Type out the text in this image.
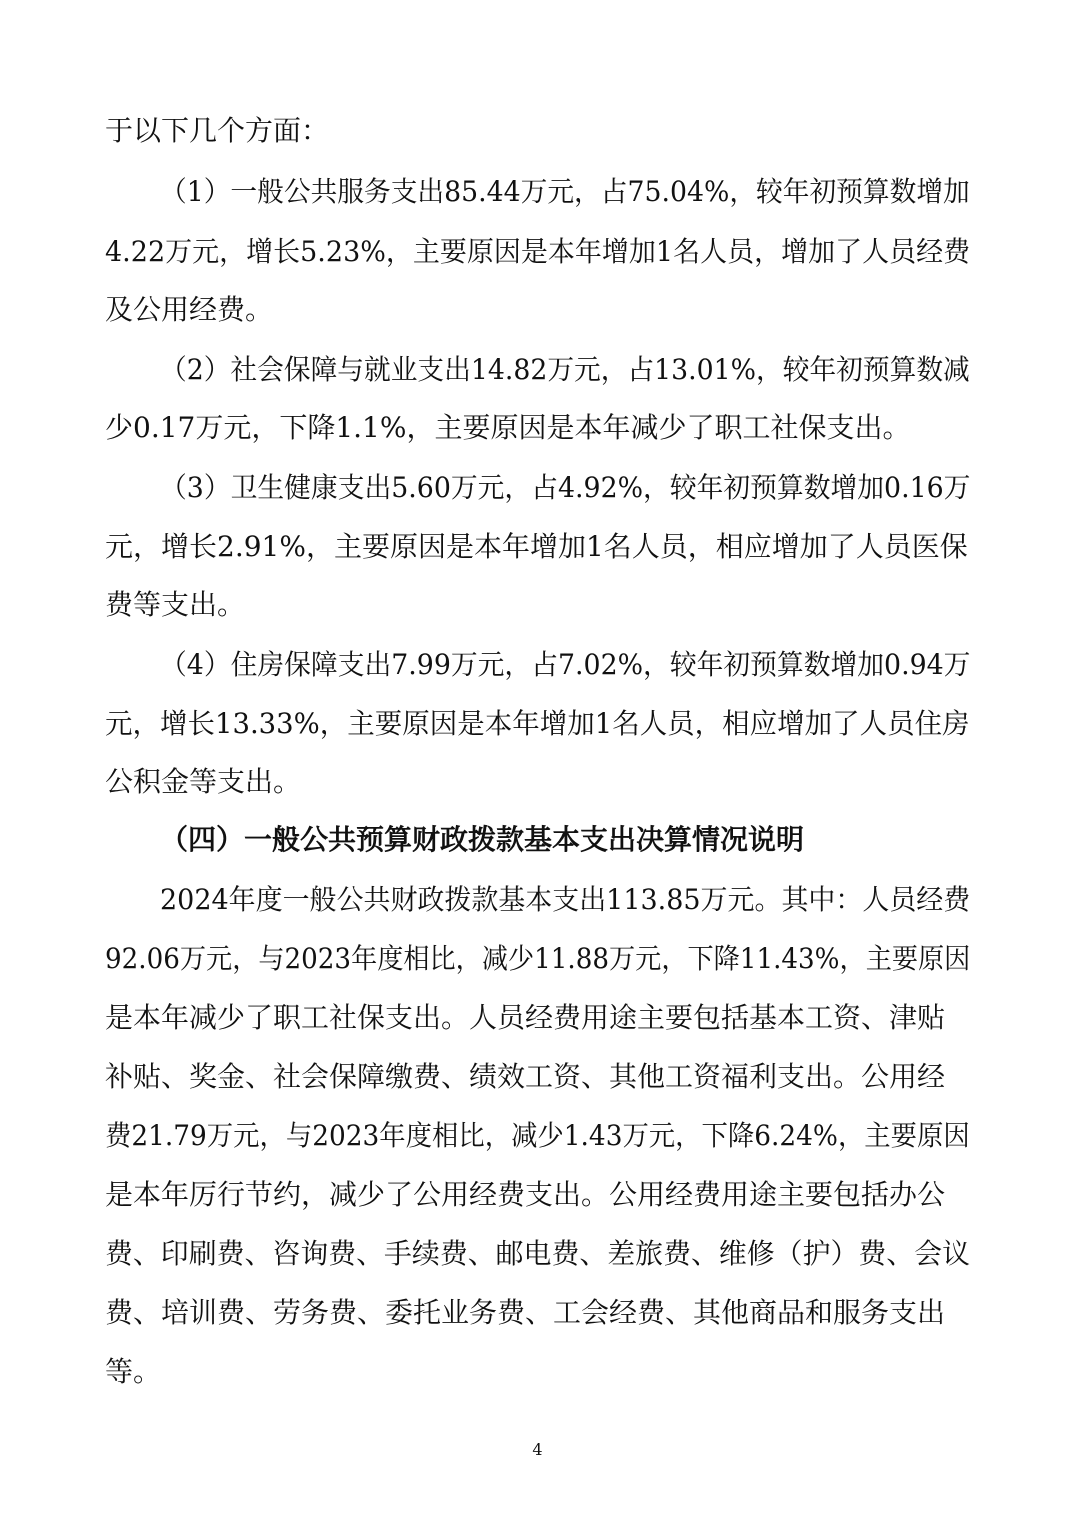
于以下几个方面：
（1）一般公共服务支出85.44万元，占75.04%，较年初预算数增加
4.22万元，增长5.23%，主要原因是本年增加1名人员，增加了人员经费
及公用经费。
（2）社会保障与就业支出14.82万元，占13.01%，较年初预算数减
少0.17万元，下降1.1%，主要原因是本年减少了职工社保支出。
（3）卫生健康支出5.60万元，占4.92%，较年初预算数增加0.16万
元，增长2.91%，主要原因是本年增加1名人员，相应增加了人员医保
费等支出。
（4）住房保障支出7.99万元，占7.02%，较年初预算数增加0.94万
元，增长13.33%，主要原因是本年增加1名人员，相应增加了人员住房
公积金等支出。
（四）一般公共预算财政拨款基本支出决算情况说明
2024年度一般公共财政拨款基本支出113.85万元。其中：人员经费
92.06万元，与2023年度相比，减少11.88万元，下降11.43%，主要原因
是本年减少了职工社保支出。人员经费用途主要包括基本工资、津贴
补贴、奖金、社会保障缴费、绩效工资、其他工资福利支出。公用经
费21.79万元，与2023年度相比，减少1.43万元，下降6.24%，主要原因
是本年厉行节约，减少了公用经费支出。公用经费用途主要包括办公
费、印刷费、咨询费、手续费、邮电费、差旅费、维修（护）费、会议
费、培训费、劳务费、委托业务费、工会经费、其他商品和服务支出
等。
4
